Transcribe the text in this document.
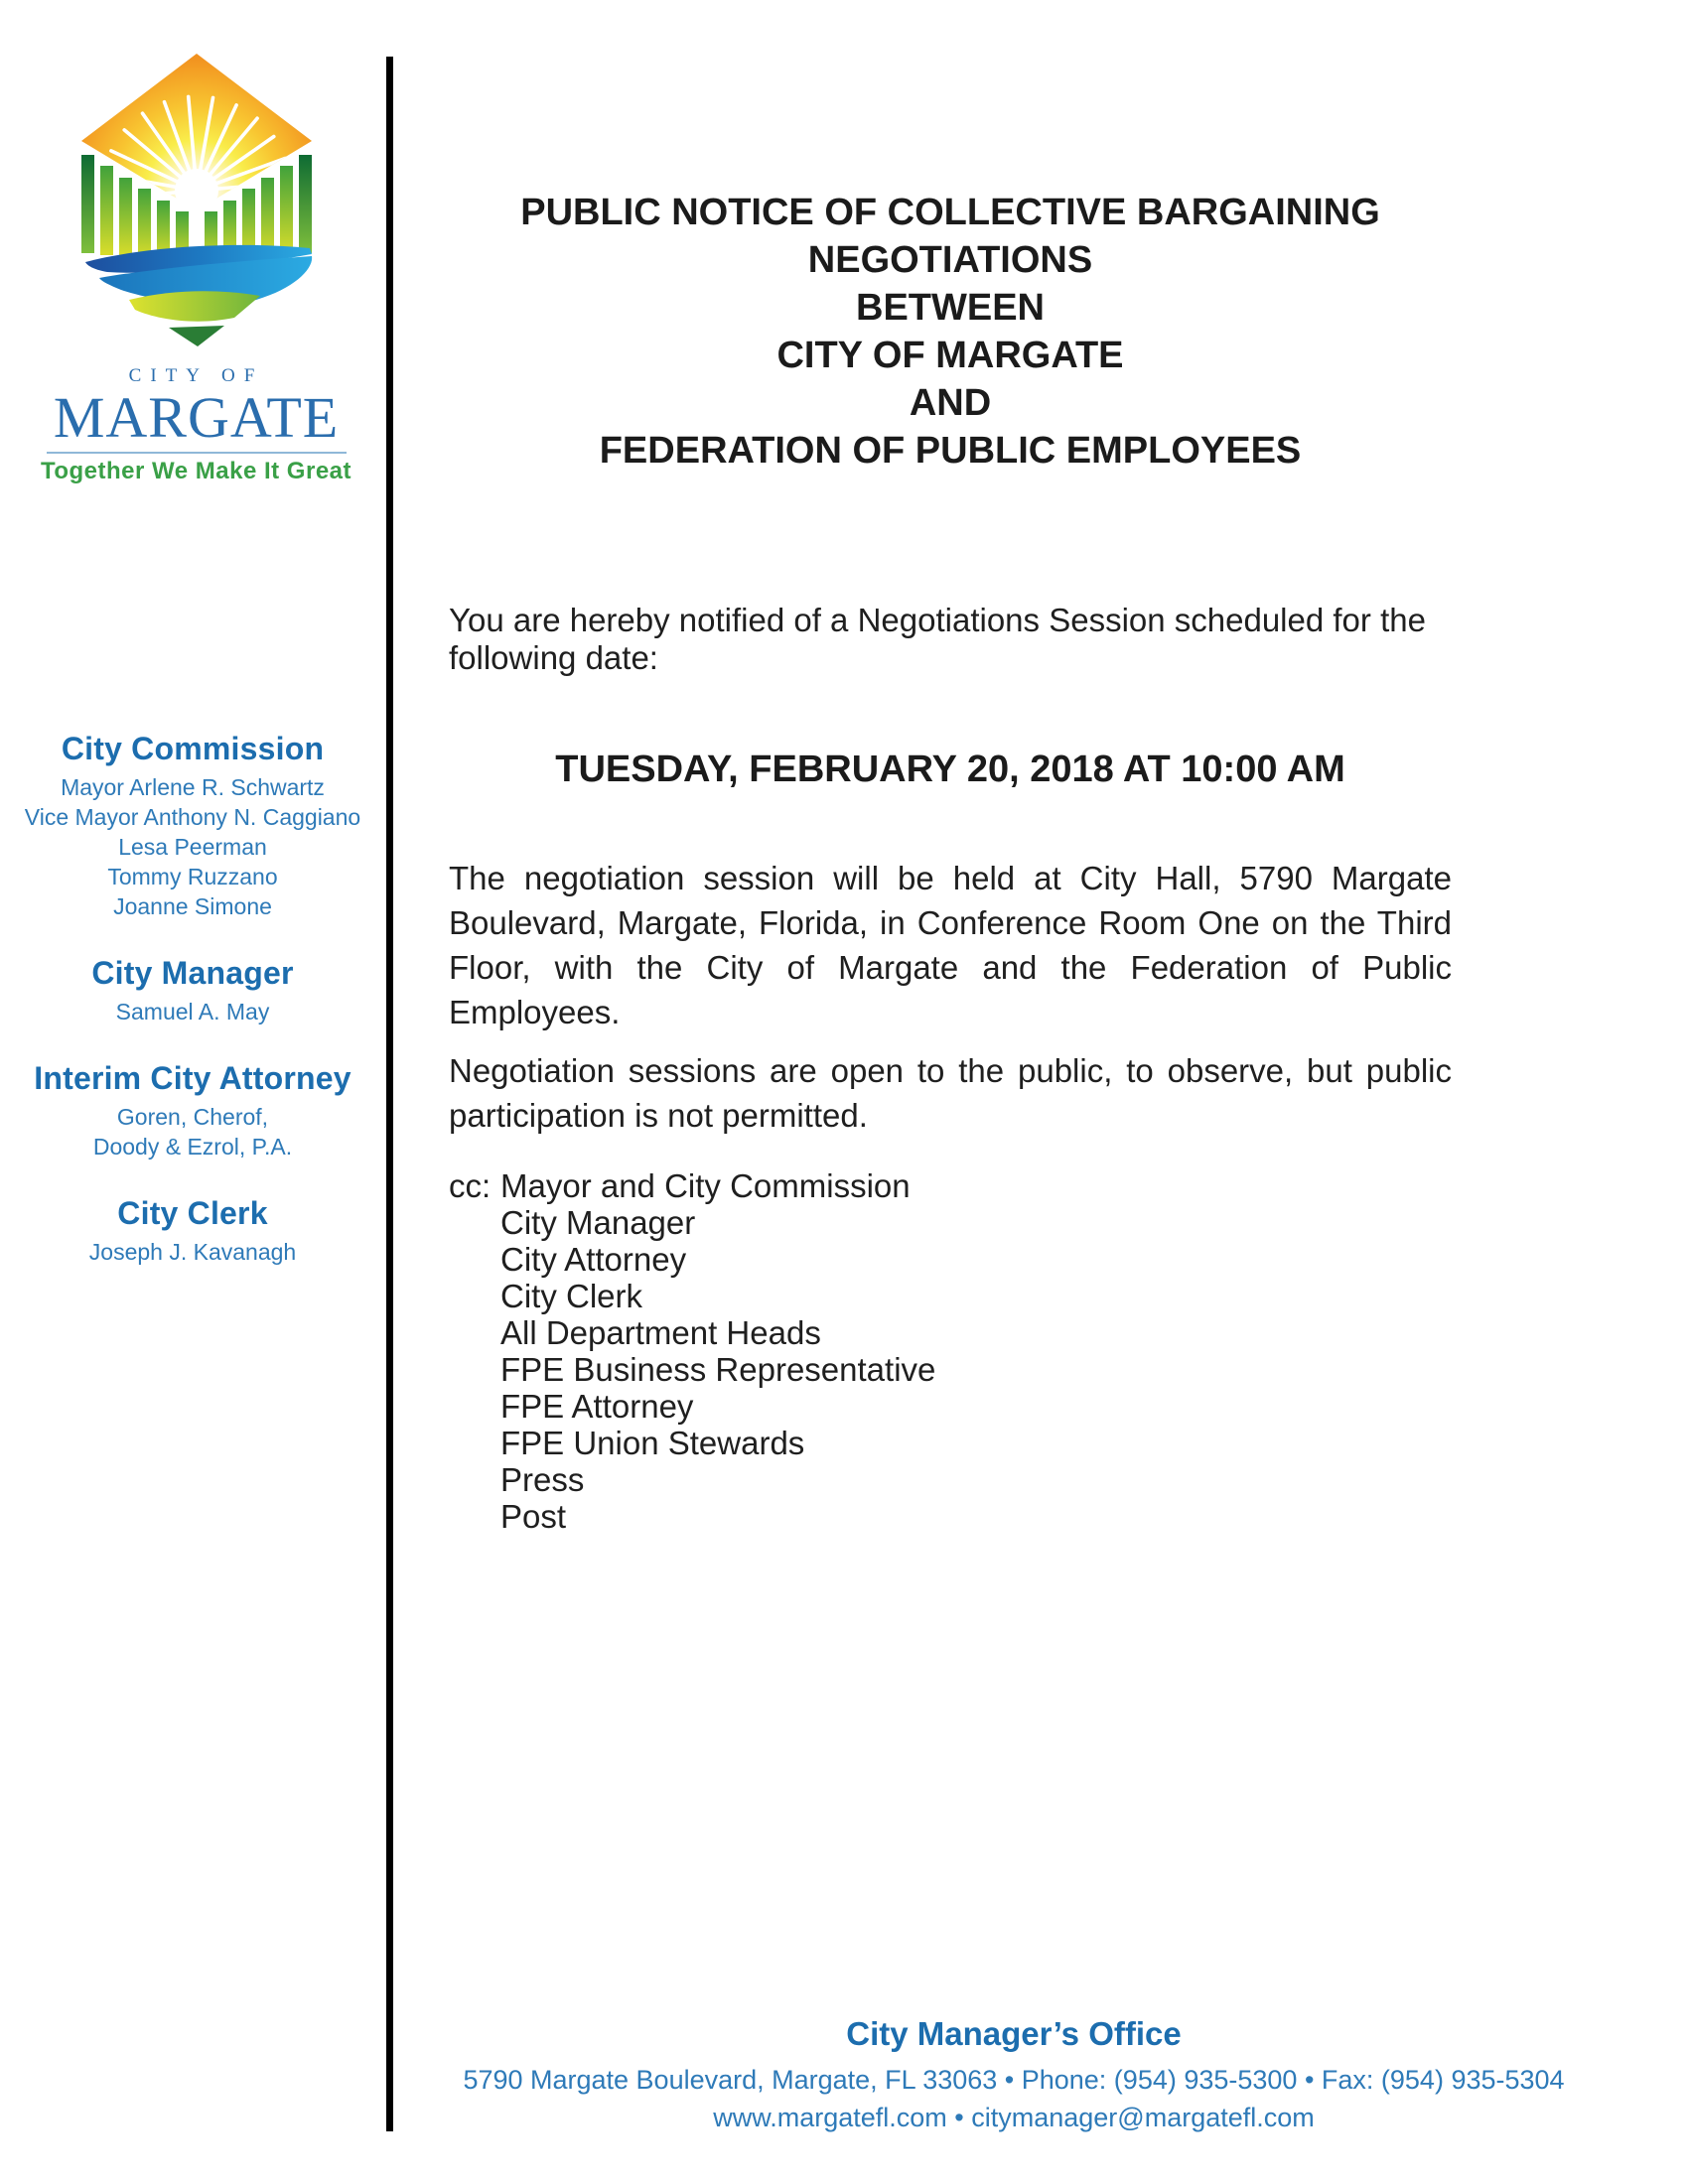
CITY OF
MARGATE
Together We Make It Great
City Commission
Mayor Arlene R. Schwartz
Vice Mayor Anthony N. Caggiano
Lesa Peerman
Tommy Ruzzano
Joanne Simone
City Manager
Samuel A. May
Interim City Attorney
Goren, Cherof,
Doody & Ezrol, P.A.
City Clerk
Joseph J. Kavanagh
PUBLIC NOTICE OF COLLECTIVE BARGAINING
NEGOTIATIONS
BETWEEN
CITY OF MARGATE
AND
FEDERATION OF PUBLIC EMPLOYEES
You are hereby notified of a Negotiations Session scheduled for the following date:
TUESDAY, FEBRUARY 20, 2018 AT 10:00 AM
The negotiation session will be held at City Hall, 5790 Margate Boulevard, Margate, Florida, in Conference Room One on the Third Floor, with the City of Margate and the Federation of Public Employees.
Negotiation sessions are open to the public, to observe, but public participation is not permitted.
cc: Mayor and City Commission
City Manager
City Attorney
City Clerk
All Department Heads
FPE Business Representative
FPE Attorney
FPE Union Stewards
Press
Post
City Manager’s Office
5790 Margate Boulevard, Margate, FL 33063 • Phone: (954) 935-5300 • Fax: (954) 935-5304
www.margatefl.com • citymanager@margatefl.com
